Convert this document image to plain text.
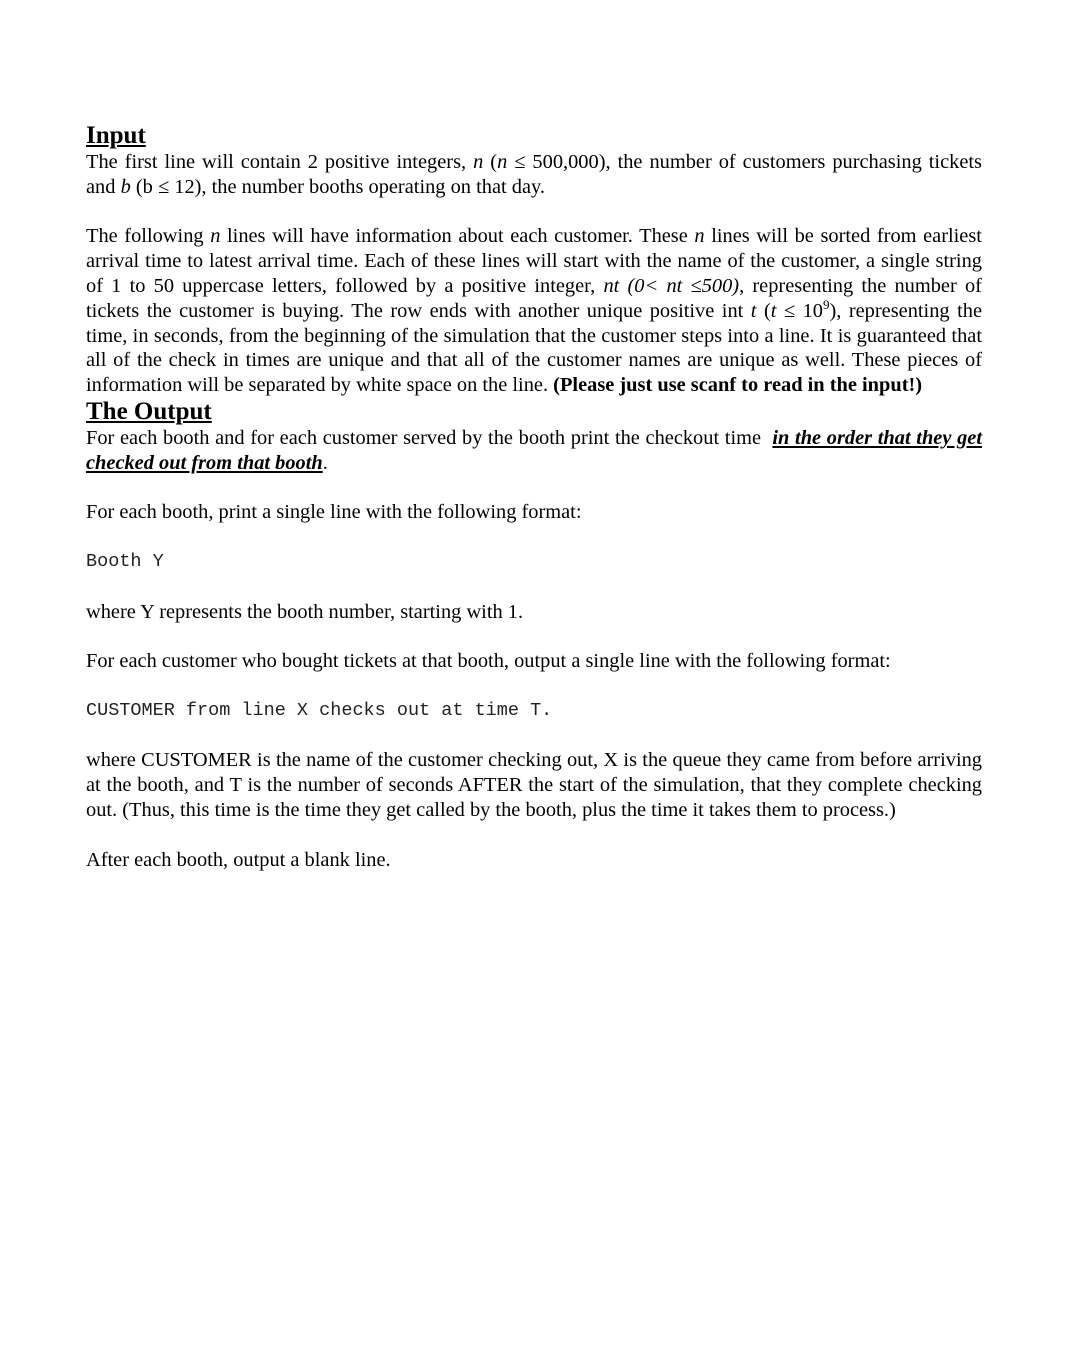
Input

The first line will contain 2 positive integers, n (n ≤ 500,000), the number of customers purchasing tickets and b (b ≤ 12), the number booths operating on that day.

The following n lines will have information about each customer. These n lines will be sorted from earliest arrival time to latest arrival time. Each of these lines will start with the name of the customer, a single string of 1 to 50 uppercase letters, followed by a positive integer, nt (0< nt ≤500), representing the number of tickets the customer is buying. The row ends with another unique positive int t $(t \le 10^9)$, representing the time, in seconds, from the beginning of the simulation that the customer steps into a line. It is guaranteed that all of the check in times are unique and that all of the customer names are unique as well. These pieces of information will be separated by white space on the line. (Please just use scanf to read in the input!)

The Output

For each booth and for each customer served by the booth print the checkout time in the order that they get checked out from that booth.

For each booth, print a single line with the following format:

Booth Y

where Y represents the booth number, starting with 1.

For each customer who bought tickets at that booth, output a single line with the following format:

CUSTOMER from line X checks out at time T.

where CUSTOMER is the name of the customer checking out, X is the queue they came from before arriving at the booth, and T is the number of seconds AFTER the start of the simulation, that they complete checking out. (Thus, this time is the time they get called by the booth, plus the time it takes them to process.)

After each booth, output a blank line.
